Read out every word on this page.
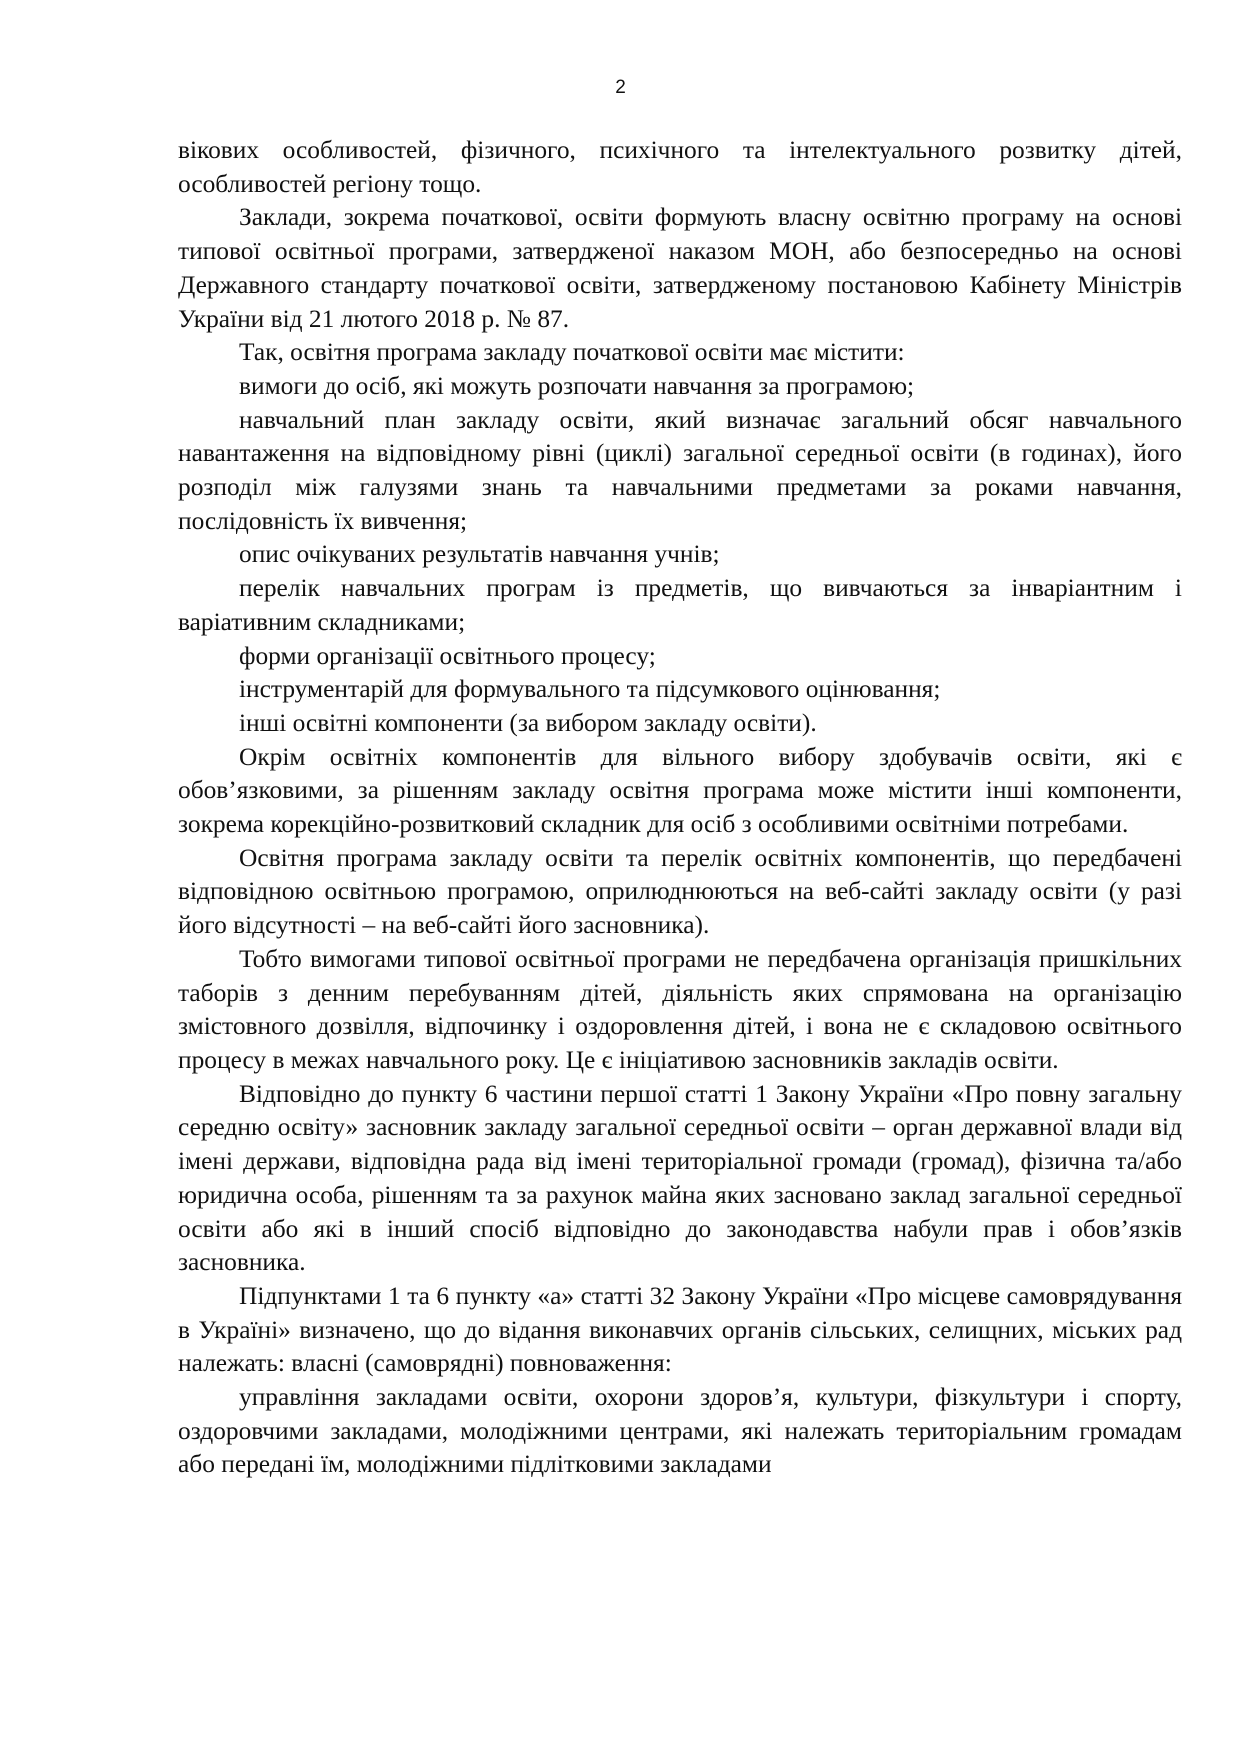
2

вікових особливостей, фізичного, психічного та інтелектуального розвитку дітей, особливостей регіону тощо.

Заклади, зокрема початкової, освіти формують власну освітню програму на основі типової освітньої програми, затвердженої наказом МОН, або безпосередньо на основі Державного стандарту початкової освіти, затвердженому постановою Кабінету Міністрів України від 21 лютого 2018 р. № 87.

Так, освітня програма закладу початкової освіти має містити:

вимоги до осіб, які можуть розпочати навчання за програмою;

навчальний план закладу освіти, який визначає загальний обсяг навчального навантаження на відповідному рівні (циклі) загальної середньої освіти (в годинах), його розподіл між галузями знань та навчальними предметами за роками навчання, послідовність їх вивчення;

опис очікуваних результатів навчання учнів;

перелік навчальних програм із предметів, що вивчаються за інваріантним і варіативним складниками;

форми організації освітнього процесу;

інструментарій для формувального та підсумкового оцінювання;

інші освітні компоненти (за вибором закладу освіти).

Окрім освітніх компонентів для вільного вибору здобувачів освіти, які є обов’язковими, за рішенням закладу освітня програма може містити інші компоненти, зокрема корекційно-розвитковий складник для осіб з особливими освітніми потребами.

Освітня програма закладу освіти та перелік освітніх компонентів, що передбачені відповідною освітньою програмою, оприлюднюються на веб-сайті закладу освіти (у разі його відсутності – на веб-сайті його засновника).

Тобто вимогами типової освітньої програми не передбачена організація пришкільних таборів з денним перебуванням дітей, діяльність яких спрямована на організацію змістовного дозвілля, відпочинку і оздоровлення дітей, і вона не є складовою освітнього процесу в межах навчального року. Це є ініціативою засновників закладів освіти.

Відповідно до пункту 6 частини першої статті 1 Закону України «Про повну загальну середню освіту» засновник закладу загальної середньої освіти – орган державної влади від імені держави, відповідна рада від імені територіальної громади (громад), фізична та/або юридична особа, рішенням та за рахунок майна яких засновано заклад загальної середньої освіти або які в інший спосіб відповідно до законодавства набули прав і обов’язків засновника.

Підпунктами 1 та 6 пункту «а» статті 32 Закону України «Про місцеве самоврядування в Україні» визначено, що до відання виконавчих органів сільських, селищних, міських рад належать: власні (самоврядні) повноваження:

управління закладами освіти, охорони здоров’я, культури, фізкультури і спорту, оздоровчими закладами, молодіжними центрами, які належать територіальним громадам або передані їм, молодіжними підлітковими закладами
